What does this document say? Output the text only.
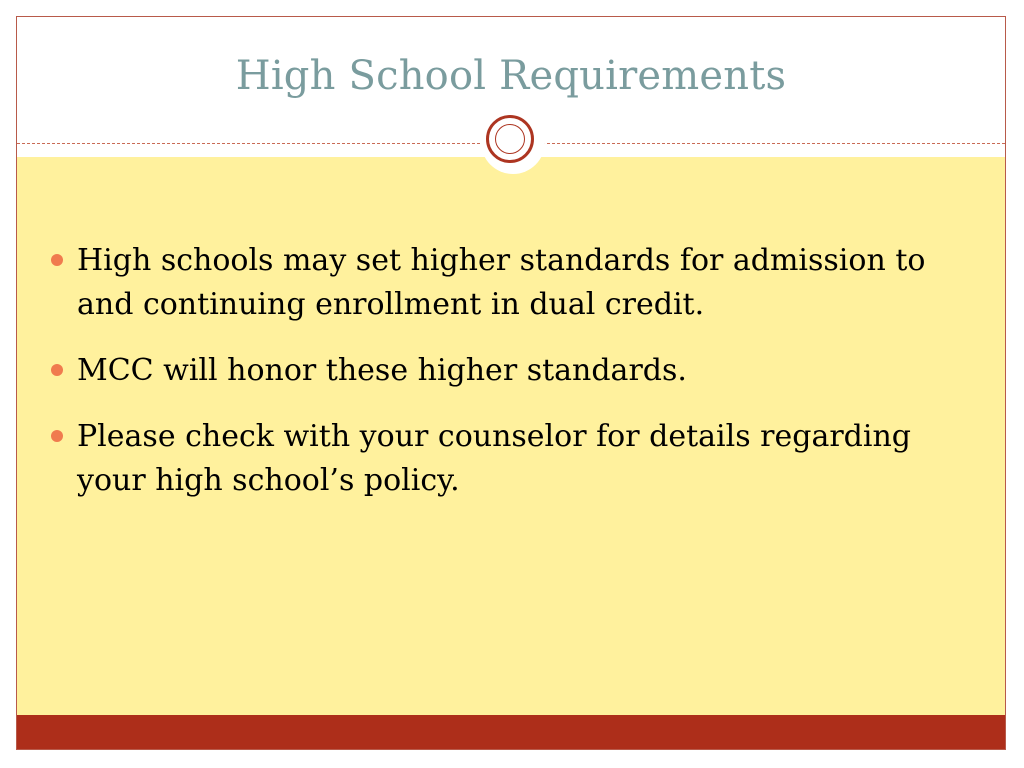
High School Requirements
High schools may set higher standards for admission to and continuing enrollment in dual credit.
MCC will honor these higher standards.
Please check with your counselor for details regarding your high school’s policy.
